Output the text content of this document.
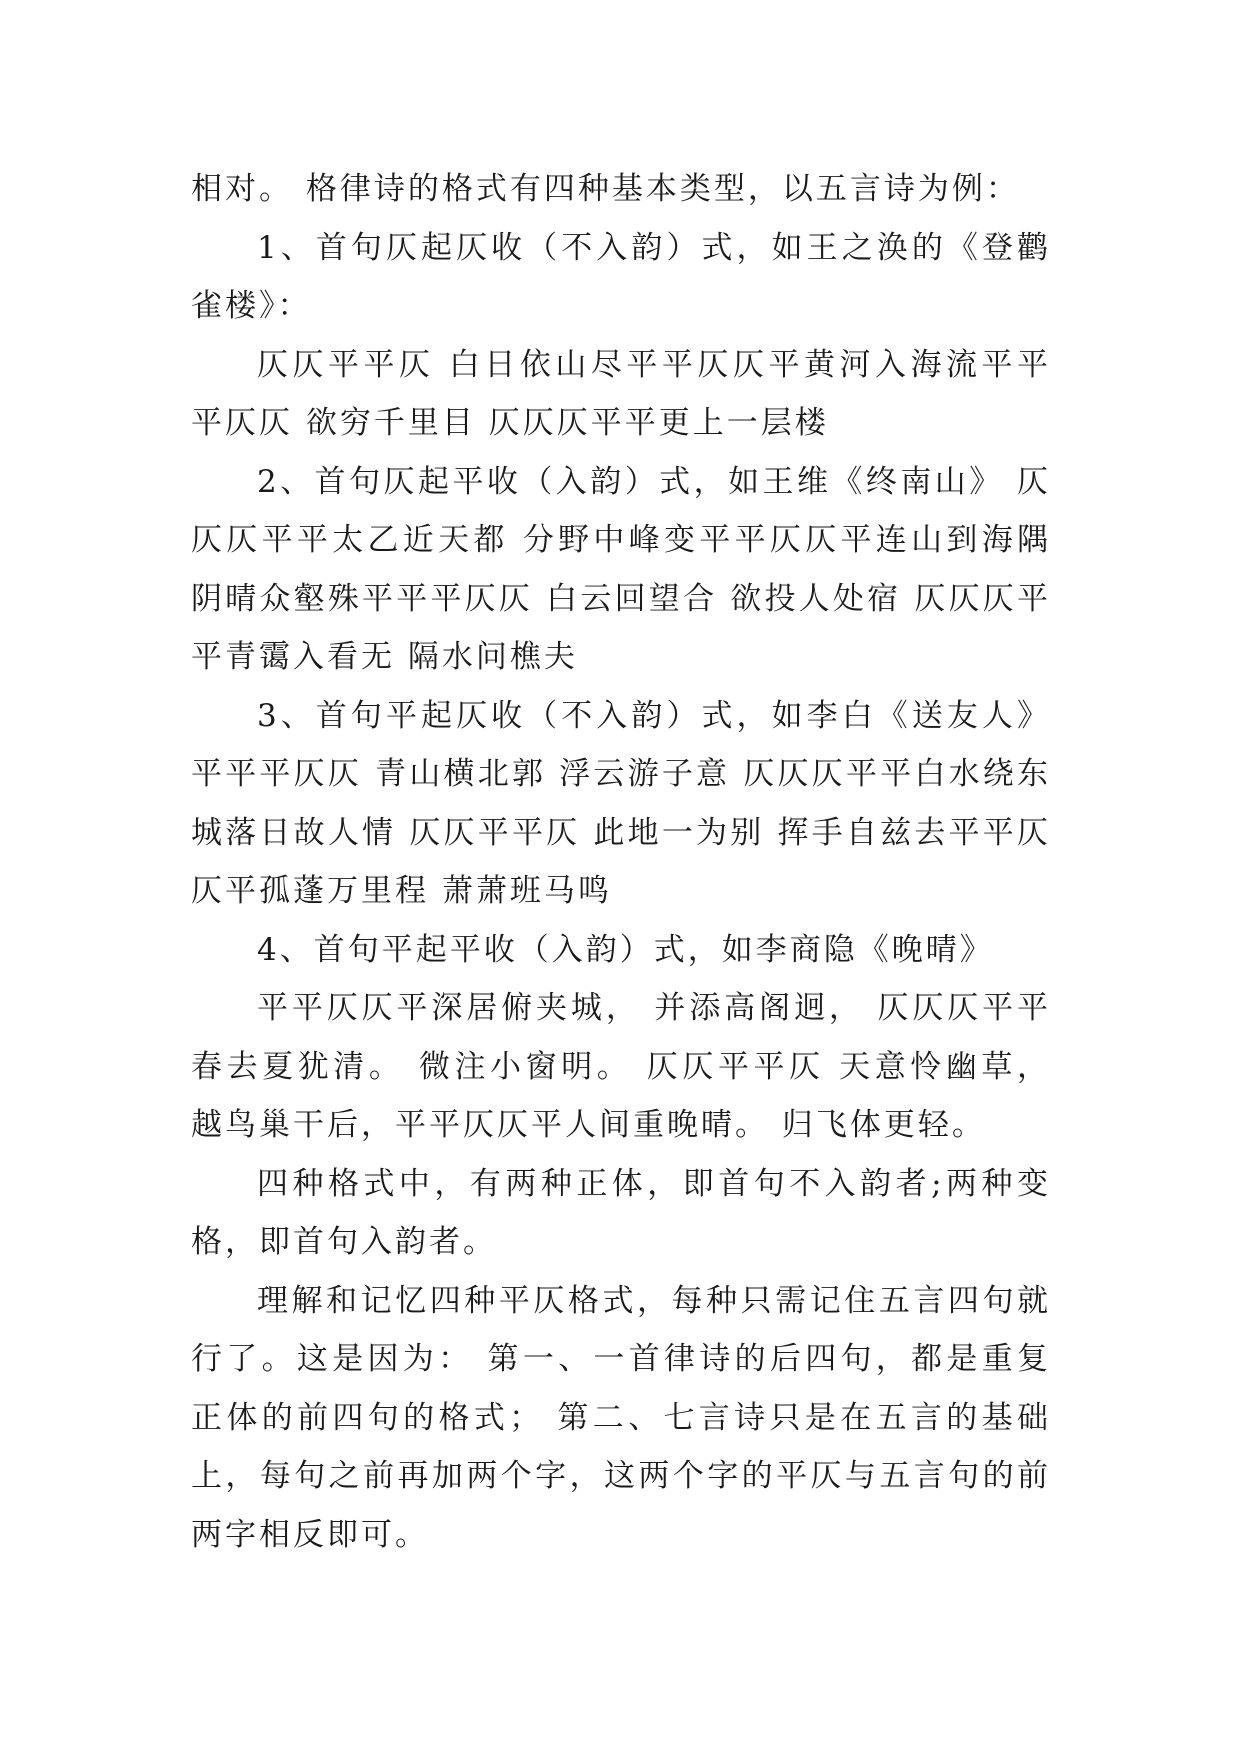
相对。 格律诗的格式有四种基本类型，以五言诗为例：

1、首句仄起仄收（不入韵）式，如王之涣的《登鹳雀楼》：

仄仄平平仄 白日依山尽平平仄仄平黄河入海流平平平仄仄 欲穷千里目 仄仄仄平平更上一层楼

2、首句仄起平收（入韵）式，如王维《终南山》 仄仄仄平平太乙近天都 分野中峰变平平仄仄平连山到海隅 阴晴众壑殊平平平仄仄 白云回望合 欲投人处宿 仄仄仄平平青霭入看无 隔水问樵夫

3、首句平起仄收（不入韵）式，如李白《送友人》平平平仄仄 青山横北郭 浮云游子意 仄仄仄平平白水绕东城落日故人情 仄仄平平仄 此地一为别 挥手自兹去平平仄仄平孤蓬万里程 萧萧班马鸣

4、首句平起平收（入韵）式，如李商隐《晚晴》

平平仄仄平深居俯夹城， 并添高阁迥， 仄仄仄平平春去夏犹清。 微注小窗明。 仄仄平平仄 天意怜幽草， 越鸟巢干后，平平仄仄平人间重晚晴。 归飞体更轻。

四种格式中，有两种正体，即首句不入韵者;两种变格，即首句入韵者。

理解和记忆四种平仄格式，每种只需记住五言四句就行了。这是因为： 第一、一首律诗的后四句，都是重复正体的前四句的格式； 第二、七言诗只是在五言的基础上，每句之前再加两个字，这两个字的平仄与五言句的前两字相反即可。
